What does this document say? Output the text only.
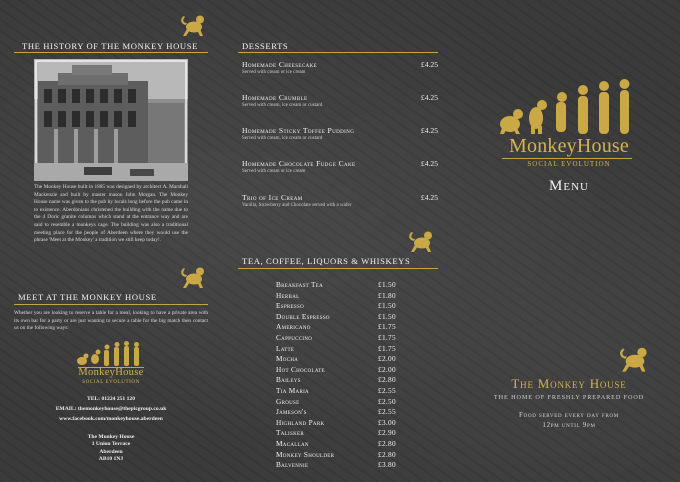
THE HISTORY OF THE MONKEY HOUSE
The Monkey House built in 1885 was designed by architect A. Marshall Mackenzie and built by master mason John Morgan. The Monkey House name was given to the pub by locals long before the pub came in to existence. Aberdonians christened the building with the name due to the 4 Doric granite columns which stand at the entrance way and are said to resemble a monkeys cage. The building was also a traditional meeting place for the people of Aberdeen where they would use the phrase 'Meet at the Monkey' a tradition we still keep today!.
MEET AT THE MONKEY HOUSE
Whether you are looking to reserve a table for a meal, looking to have a private area with its own bar for a party or are just wanting to secure a table for the big match then contact us on the following ways:
MonkeyHouse
SOCIAL EVOLUTION
TEL: 01224 251 120
EMAIL: themonkeyhouse@thepicgroup.co.uk
www.facebook.com/monkeyhouse.aberdeen
The Monkey House
1 Union Terrace
Aberdeen
AB10 1NJ
DESSERTS
Homemade Cheesecake
Served with cream or ice cream
£4.25
Homemade Crumble
Served with cream, ice cream or custard
£4.25
Homemade Sticky Toffee Pudding
Served with cream, ice cream or custard
£4.25
Homemade Chocolate Fudge Cake
Served with cream or ice cream
£4.25
Trio of Ice Cream
Vanilla, Strawberry and Chocolate served with a wafer
£4.25
TEA, COFFEE, LIQUORS & WHISKEYS
Breakfast Tea	£1.50
Herbal	£1.80
Espresso	£1.50
Double Espresso	£1.50
Americano	£1.75
Cappuccino	£1.75
Latte	£1.75
Mocha	£2.00
Hot Chocolate	£2.00
Baileys	£2.80
Tia Maria	£2.55
Grouse	£2.50
Jameson's	£2.55
Highland Park	£3.00
Talisker	£2.90
Macallan	£2.80
Monkey Shoulder	£2.80
Balvennie	£3.80
MonkeyHouse
SOCIAL EVOLUTION
Menu
The Monkey House
THE HOME OF FRESHLY PREPARED FOOD
Food served every day from
12pm until 9pm
